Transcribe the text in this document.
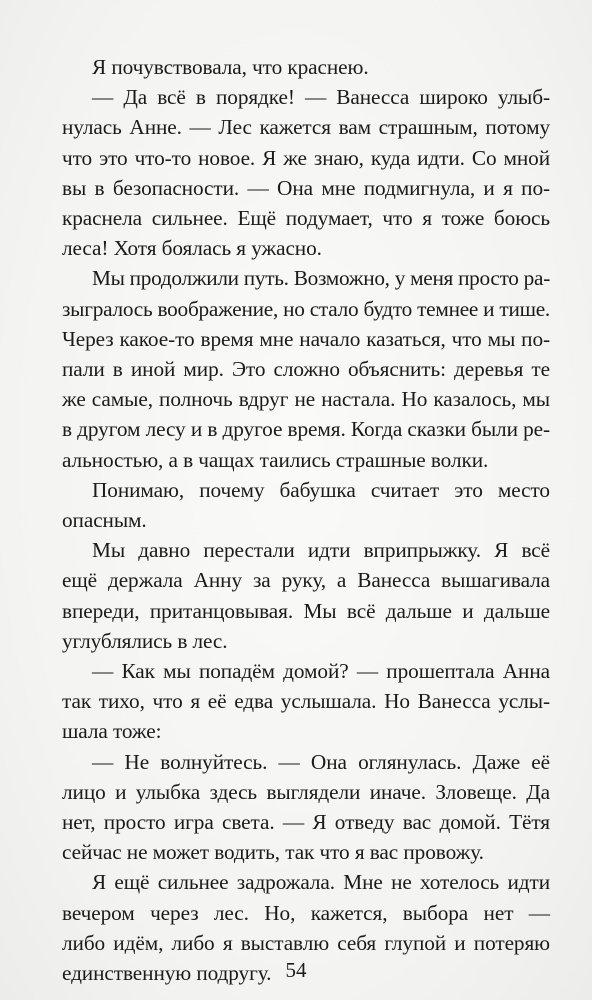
Я почувствовала, что краснею.

— Да всё в порядке! — Ванесса широко улыб-
нулась Анне. — Лес кажется вам страшным, потому
что это что-то новое. Я же знаю, куда идти. Со мной
вы в безопасности. — Она мне подмигнула, и я по-
краснела сильнее. Ещё подумает, что я тоже боюсь
леса! Хотя боялась я ужасно.

Мы продолжили путь. Возможно, у меня просто ра-
зыгралось воображение, но стало будто темнее и тише.
Через какое-то время мне начало казаться, что мы по-
пали в иной мир. Это сложно объяснить: деревья те
же самые, полночь вдруг не настала. Но казалось, мы
в другом лесу и в другое время. Когда сказки были ре-
альностью, а в чащах таились страшные волки.

Понимаю, почему бабушка считает это место
опасным.

Мы давно перестали идти вприпрыжку. Я всё
ещё держала Анну за руку, а Ванесса вышагивала
впереди, пританцовывая. Мы всё дальше и дальше
углублялись в лес.

— Как мы попадём домой? — прошептала Анна
так тихо, что я её едва услышала. Но Ванесса услы-
шала тоже:

— Не волнуйтесь. — Она оглянулась. Даже её
лицо и улыбка здесь выглядели иначе. Зловеще. Да
нет, просто игра света. — Я отведу вас домой. Тётя
сейчас не может водить, так что я вас провожу.

Я ещё сильнее задрожала. Мне не хотелось идти
вечером через лес. Но, кажется, выбора нет —
либо идём, либо я выставлю себя глупой и потеряю
единственную подругу. 54
